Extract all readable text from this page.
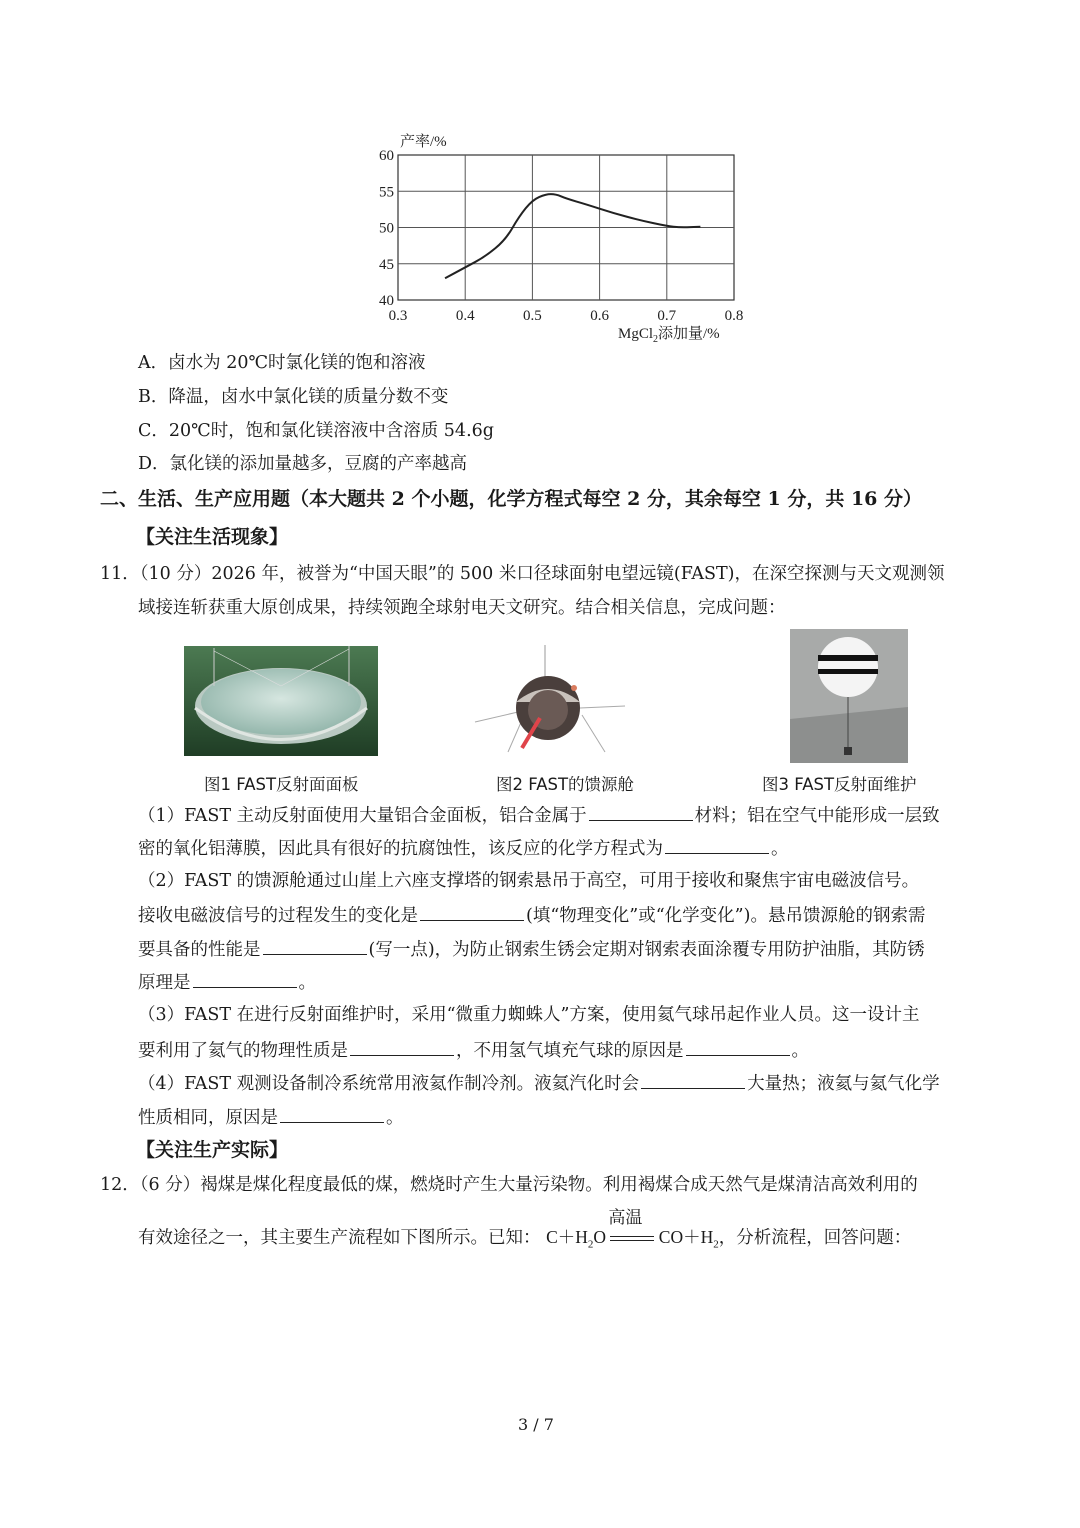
40
45
50
55
60
0.3	0.4	0.5	0.6	0.7	0.8
产率/%
MgCl$_2$添加量/%
A．卤水为 20℃时氯化镁的饱和溶液
B．降温，卤水中氯化镁的质量分数不变
C．20℃时，饱和氯化镁溶液中含溶质 54.6g
D．氯化镁的添加量越多，豆腐的产率越高
二、生活、生产应用题（本大题共 2 个小题，化学方程式每空 2 分，其余每空 1 分，共 16 分）
【关注生活现象】
11．（10 分）2026 年，被誉为“中国天眼”的 500 米口径球面射电望远镜(FAST)，在深空探测与天文观测领
域接连斩获重大原创成果，持续领跑全球射电天文研究。结合相关信息，完成问题：
图1 FAST反射面面板	图2 FAST的馈源舱	图3 FAST反射面维护
（1）FAST 主动反射面使用大量铝合金面板，铝合金属于	材料；铝在空气中能形成一层致
密的氧化铝薄膜，因此具有很好的抗腐蚀性，该反应的化学方程式为	。
（2）FAST 的馈源舱通过山崖上六座支撑塔的钢索悬吊于高空，可用于接收和聚焦宇宙电磁波信号。
接收电磁波信号的过程发生的变化是	(填“物理变化”或“化学变化”)。悬吊馈源舱的钢索需
要具备的性能是	(写一点)，为防止钢索生锈会定期对钢索表面涂覆专用防护油脂，其防锈
原理是	。
（3）FAST 在进行反射面维护时，采用“微重力蜘蛛人”方案，使用氦气球吊起作业人员。这一设计主
要利用了氦气的物理性质是	，不用氢气填充气球的原因是	。
（4）FAST 观测设备制冷系统常用液氦作制冷剂。液氦汽化时会	大量热；液氦与氦气化学
性质相同，原因是	。
【关注生产实际】
12．（6 分）褐煤是煤化程度最低的煤，燃烧时产生大量污染物。利用褐煤合成天然气是煤清洁高效利用的
有效途径之一，其主要生产流程如下图所示。已知： $C+H_2O$
高温
$CO+H_2$，分析流程，回答问题：
3 / 7
